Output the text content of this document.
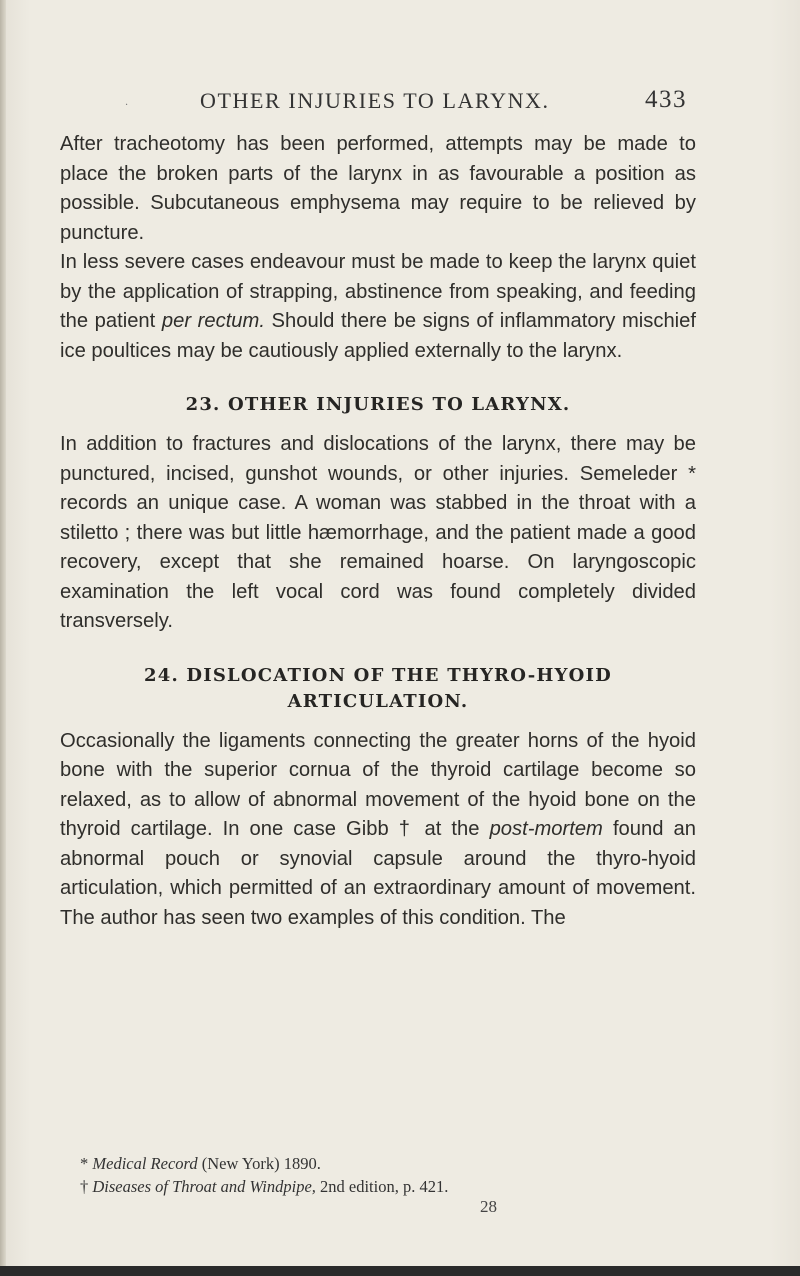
·	OTHER INJURIES TO LARYNX.	433

After tracheotomy has been performed, attempts may be made to place the broken parts of the larynx in as favourable a position as possible. Subcutaneous emphysema may require to be relieved by puncture.

In less severe cases endeavour must be made to keep the larynx quiet by the application of strapping, abstinence from speaking, and feeding the patient per rectum. Should there be signs of inflammatory mischief ice poultices may be cautiously applied externally to the larynx.

23. OTHER INJURIES TO LARYNX.

In addition to fractures and dislocations of the larynx, there may be punctured, incised, gunshot wounds, or other injuries. Semeleder * records an unique case. A woman was stabbed in the throat with a stiletto ; there was but little hæmorrhage, and the patient made a good recovery, except that she remained hoarse. On laryngoscopic examination the left vocal cord was found completely divided transversely.

24. DISLOCATION OF THE THYRO-HYOID
ARTICULATION.

Occasionally the ligaments connecting the greater horns of the hyoid bone with the superior cornua of the thyroid cartilage become so relaxed, as to allow of abnormal movement of the hyoid bone on the thyroid cartilage. In one case Gibb † at the post-mortem found an abnormal pouch or synovial capsule around the thyro-hyoid articulation, which permitted of an extraordinary amount of movement. The author has seen two examples of this condition. The

* Medical Record (New York) 1890.

† Diseases of Throat and Windpipe, 2nd edition, p. 421.

28
